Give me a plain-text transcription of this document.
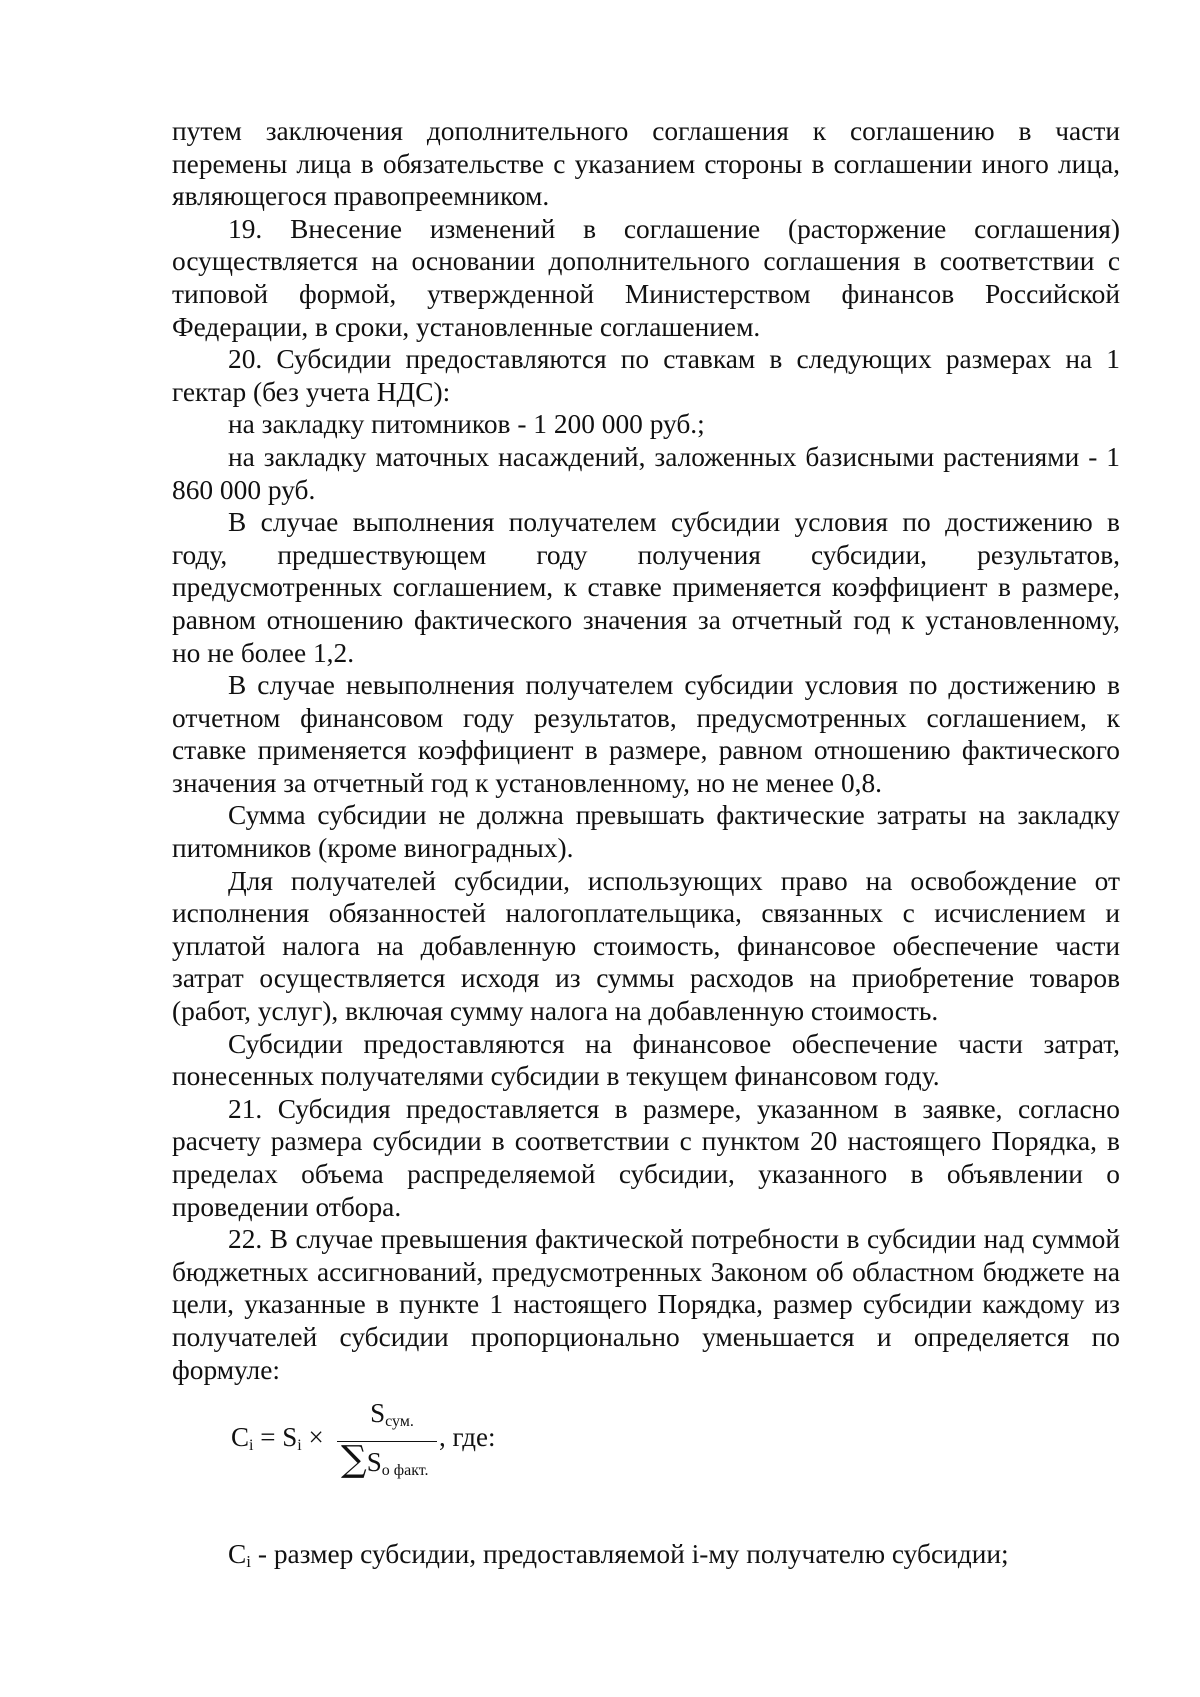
путем заключения дополнительного соглашения к соглашению в части перемены лица в обязательстве с указанием стороны в соглашении иного лица, являющегося правопреемником.

19. Внесение изменений в соглашение (расторжение соглашения) осуществляется на основании дополнительного соглашения в соответствии с типовой формой, утвержденной Министерством финансов Российской Федерации, в сроки, установленные соглашением.

20. Субсидии предоставляются по ставкам в следующих размерах на 1 гектар (без учета НДС):

на закладку питомников - 1 200 000 руб.;

на закладку маточных насаждений, заложенных базисными растениями - 1 860 000 руб.

В случае выполнения получателем субсидии условия по достижению в году, предшествующем году получения субсидии, результатов, предусмотренных соглашением, к ставке применяется коэффициент в размере, равном отношению фактического значения за отчетный год к установленному, но не более 1,2.

В случае невыполнения получателем субсидии условия по достижению в отчетном финансовом году результатов, предусмотренных соглашением, к ставке применяется коэффициент в размере, равном отношению фактического значения за отчетный год к установленному, но не менее 0,8.

Сумма субсидии не должна превышать фактические затраты на закладку питомников (кроме виноградных).

Для получателей субсидии, использующих право на освобождение от исполнения обязанностей налогоплательщика, связанных с исчислением и уплатой налога на добавленную стоимость, финансовое обеспечение части затрат осуществляется исходя из суммы расходов на приобретение товаров (работ, услуг), включая сумму налога на добавленную стоимость.

Субсидии предоставляются на финансовое обеспечение части затрат, понесенных получателями субсидии в текущем финансовом году.

21. Субсидия предоставляется в размере, указанном в заявке, согласно расчету размера субсидии в соответствии с пунктом 20 настоящего Порядка, в пределах объема распределяемой субсидии, указанного в объявлении о проведении отбора.

22. В случае превышения фактической потребности в субсидии над суммой бюджетных ассигнований, предусмотренных Законом об областном бюджете на цели, указанные в пункте 1 настоящего Порядка, размер субсидии каждому из получателей субсидии пропорционально уменьшается и определяется по формуле:

$C_i = S_i$ ×
$S_{сум.}$
$\sum S_{о факт.}$
, где:
$C_i$ - размер субсидии, предоставляемой i-му получателю субсидии;
